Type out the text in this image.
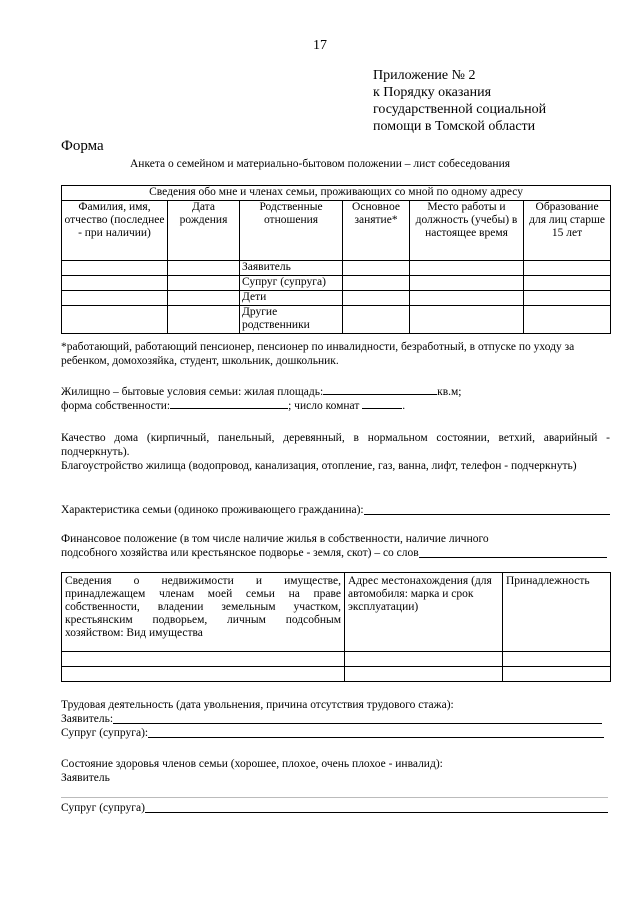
17
Приложение № 2
к Порядку оказания
государственной социальной
помощи в Томской области
Форма
Анкета о семейном и материально-бытовом положении – лист собеседования
Сведения обо мне и членах семьи, проживающих со мной по одному адресу					
Фамилия, имя, отчество (последнее - при наличии)	Дата рождения	Родственные отношения	Основное занятие*	Место работы и должность (учебы) в настоящее время	Образование для лиц старше 15 лет
		Заявитель			
		Супруг (супруга)			
		Дети			
		Другие родственники			
*работающий, работающий пенсионер, пенсионер по инвалидности, безработный, в отпуске по уходу за ребенком, домохозяйка, студент, школьник, дошкольник.
Жилищно – бытовые условия семьи: жилая площадь:	кв.м;
форма собственности:	; число комнат	.
Качество дома (кирпичный, панельный, деревянный, в нормальном состоянии, ветхий, аварийный - подчеркнуть).
Благоустройство жилища (водопровод, канализация, отопление, газ, ванна, лифт, телефон - подчеркнуть)
Характеристика семьи (одиноко проживающего гражданина):
Финансовое положение (в том числе наличие жилья в собственности, наличие личного
подсобного хозяйства или крестьянское подворье - земля, скот) – со слов
Сведения о недвижимости и имуществе, принадлежащем членам моей семьи на праве собственности, владении земельным участком, крестьянским подворьем, личным подсобным хозяйством: Вид имущества	Адрес местонахождения (для автомобиля: марка и срок эксплуатации)	Принадлежность

Трудовая деятельность (дата увольнения, причина отсутствия трудового стажа):
Заявитель:
Супруг (супруга):
Состояние здоровья членов семьи (хорошее, плохое, очень плохое - инвалид):
Заявитель
Супруг (супруга)
